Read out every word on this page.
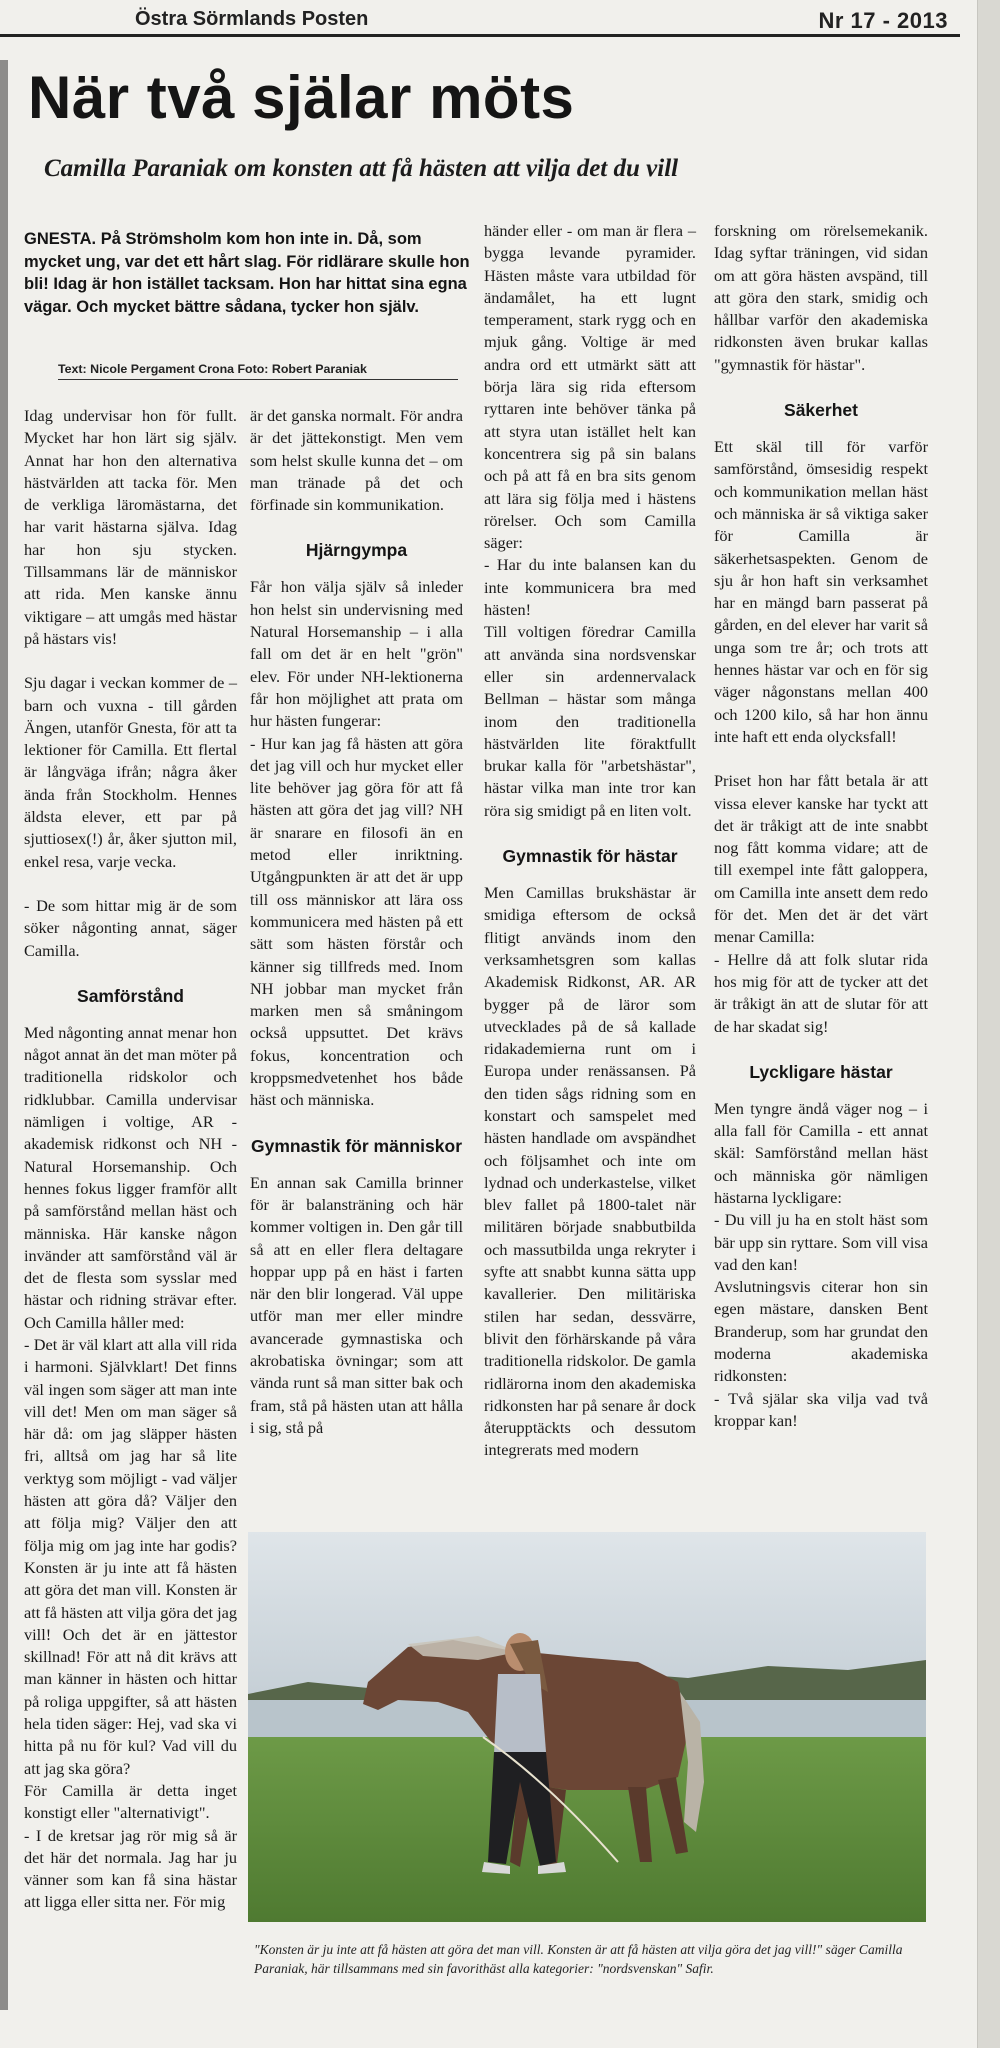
Östra Sörmlands Posten	Nr 17 - 2013
När två själar möts
Camilla Paraniak om konsten att få hästen att vilja det du vill

GNESTA. På Strömsholm kom hon inte in. Då, som mycket ung, var det ett hårt slag. För ridlärare skulle hon bli! Idag är hon istället tacksam. Hon har hittat sina egna vägar. Och mycket bättre sådana, tycker hon själv.

Text: Nicole Pergament Crona Foto: Robert Paraniak

Idag undervisar hon för fullt. Mycket har hon lärt sig själv. Annat har hon den alternativa hästvärlden att tacka för. Men de verkliga läromästarna, det har varit hästarna själva. Idag har hon sju stycken. Tillsammans lär de människor att rida. Men kanske ännu viktigare – att umgås med hästar på hästars vis!

Sju dagar i veckan kommer de – barn och vuxna - till gården Ängen, utanför Gnesta, för att ta lektioner för Camilla. Ett flertal är långväga ifrån; några åker ända från Stockholm. Hennes äldsta elever, ett par på sjuttiosex(!) år, åker sjutton mil, enkel resa, varje vecka.

- De som hittar mig är de som söker någonting annat, säger Camilla.

Samförstånd

Med någonting annat menar hon något annat än det man möter på traditionella ridskolor och ridklubbar. Camilla undervisar nämligen i voltige, AR - akademisk ridkonst och NH - Natural Horsemanship. Och hennes fokus ligger framför allt på samförstånd mellan häst och människa. Här kanske någon invänder att samförstånd väl är det de flesta som sysslar med hästar och ridning strävar efter. Och Camilla håller med:

- Det är väl klart att alla vill rida i harmoni. Självklart! Det finns väl ingen som säger att man inte vill det! Men om man säger så här då: om jag släpper hästen fri, alltså om jag har så lite verktyg som möjligt - vad väljer hästen att göra då? Väljer den att följa mig? Väljer den att följa mig om jag inte har godis? Konsten är ju inte att få hästen att göra det man vill. Konsten är att få hästen att vilja göra det jag vill! Och det är en jättestor skillnad! För att nå dit krävs att man känner in hästen och hittar på roliga uppgifter, så att hästen hela tiden säger: Hej, vad ska vi hitta på nu för kul? Vad vill du att jag ska göra?

För Camilla är detta inget konstigt eller "alternativigt".

- I de kretsar jag rör mig så är det här det normala. Jag har ju vänner som kan få sina hästar att ligga eller sitta ner. För mig

är det ganska normalt. För andra är det jättekonstigt. Men vem som helst skulle kunna det – om man tränade på det och förfinade sin kommunikation.

Hjärngympa

Får hon välja själv så inleder hon helst sin undervisning med Natural Horsemanship – i alla fall om det är en helt "grön" elev. För under NH-lektionerna får hon möjlighet att prata om hur hästen fungerar:

- Hur kan jag få hästen att göra det jag vill och hur mycket eller lite behöver jag göra för att få hästen att göra det jag vill? NH är snarare en filosofi än en metod eller inriktning. Utgångpunkten är att det är upp till oss människor att lära oss kommunicera med hästen på ett sätt som hästen förstår och känner sig tillfreds med. Inom NH jobbar man mycket från marken men så småningom också uppsuttet. Det krävs fokus, koncentration och kroppsmedvetenhet hos både häst och människa.

Gymnastik för människor

En annan sak Camilla brinner för är balansträning och här kommer voltigen in. Den går till så att en eller flera deltagare hoppar upp på en häst i farten när den blir longerad. Väl uppe utför man mer eller mindre avancerade gymnastiska och akrobatiska övningar; som att vända runt så man sitter bak och fram, stå på hästen utan att hålla i sig, stå på

händer eller - om man är flera – bygga levande pyramider. Hästen måste vara utbildad för ändamålet, ha ett lugnt temperament, stark rygg och en mjuk gång. Voltige är med andra ord ett utmärkt sätt att börja lära sig rida eftersom ryttaren inte behöver tänka på att styra utan istället helt kan koncentrera sig på sin balans och på att få en bra sits genom att lära sig följa med i hästens rörelser. Och som Camilla säger:

- Har du inte balansen kan du inte kommunicera bra med hästen!

Till voltigen föredrar Camilla att använda sina nordsvenskar eller sin ardennervalack Bellman – hästar som många inom den traditionella hästvärlden lite föraktfullt brukar kalla för "arbetshästar", hästar vilka man inte tror kan röra sig smidigt på en liten volt.

Gymnastik för hästar

Men Camillas brukshästar är smidiga eftersom de också flitigt används inom den verksamhetsgren som kallas Akademisk Ridkonst, AR. AR bygger på de läror som utvecklades på de så kallade ridakademierna runt om i Europa under renässansen. På den tiden sågs ridning som en konstart och samspelet med hästen handlade om avspändhet och följsamhet och inte om lydnad och underkastelse, vilket blev fallet på 1800-talet när militären började snabbutbilda och massutbilda unga rekryter i syfte att snabbt kunna sätta upp kavallerier. Den militäriska stilen har sedan, dessvärre, blivit den förhärskande på våra traditionella ridskolor. De gamla ridlärorna inom den akademiska ridkonsten har på senare år dock återupptäckts och dessutom integrerats med modern

forskning om rörelsemekanik. Idag syftar träningen, vid sidan om att göra hästen avspänd, till att göra den stark, smidig och hållbar varför den akademiska ridkonsten även brukar kallas "gymnastik för hästar".

Säkerhet

Ett skäl till för varför samförstånd, ömsesidig respekt och kommunikation mellan häst och människa är så viktiga saker för Camilla är säkerhetsaspekten. Genom de sju år hon haft sin verksamhet har en mängd barn passerat på gården, en del elever har varit så unga som tre år; och trots att hennes hästar var och en för sig väger någonstans mellan 400 och 1200 kilo, så har hon ännu inte haft ett enda olycksfall!

Priset hon har fått betala är att vissa elever kanske har tyckt att det är tråkigt att de inte snabbt nog fått komma vidare; att de till exempel inte fått galoppera, om Camilla inte ansett dem redo för det. Men det är det värt menar Camilla:

- Hellre då att folk slutar rida hos mig för att de tycker att det är tråkigt än att de slutar för att de har skadat sig!

Lyckligare hästar

Men tyngre ändå väger nog – i alla fall för Camilla - ett annat skäl: Samförstånd mellan häst och människa gör nämligen hästarna lyckligare:

- Du vill ju ha en stolt häst som bär upp sin ryttare. Som vill visa vad den kan!

Avslutningsvis citerar hon sin egen mästare, dansken Bent Branderup, som har grundat den moderna akademiska ridkonsten:

- Två själar ska vilja vad två kroppar kan!

"Konsten är ju inte att få hästen att göra det man vill. Konsten är att få hästen att vilja göra det jag vill!" säger Camilla Paraniak, här tillsammans med sin favorithäst alla kategorier: "nordsvenskan" Safir.
